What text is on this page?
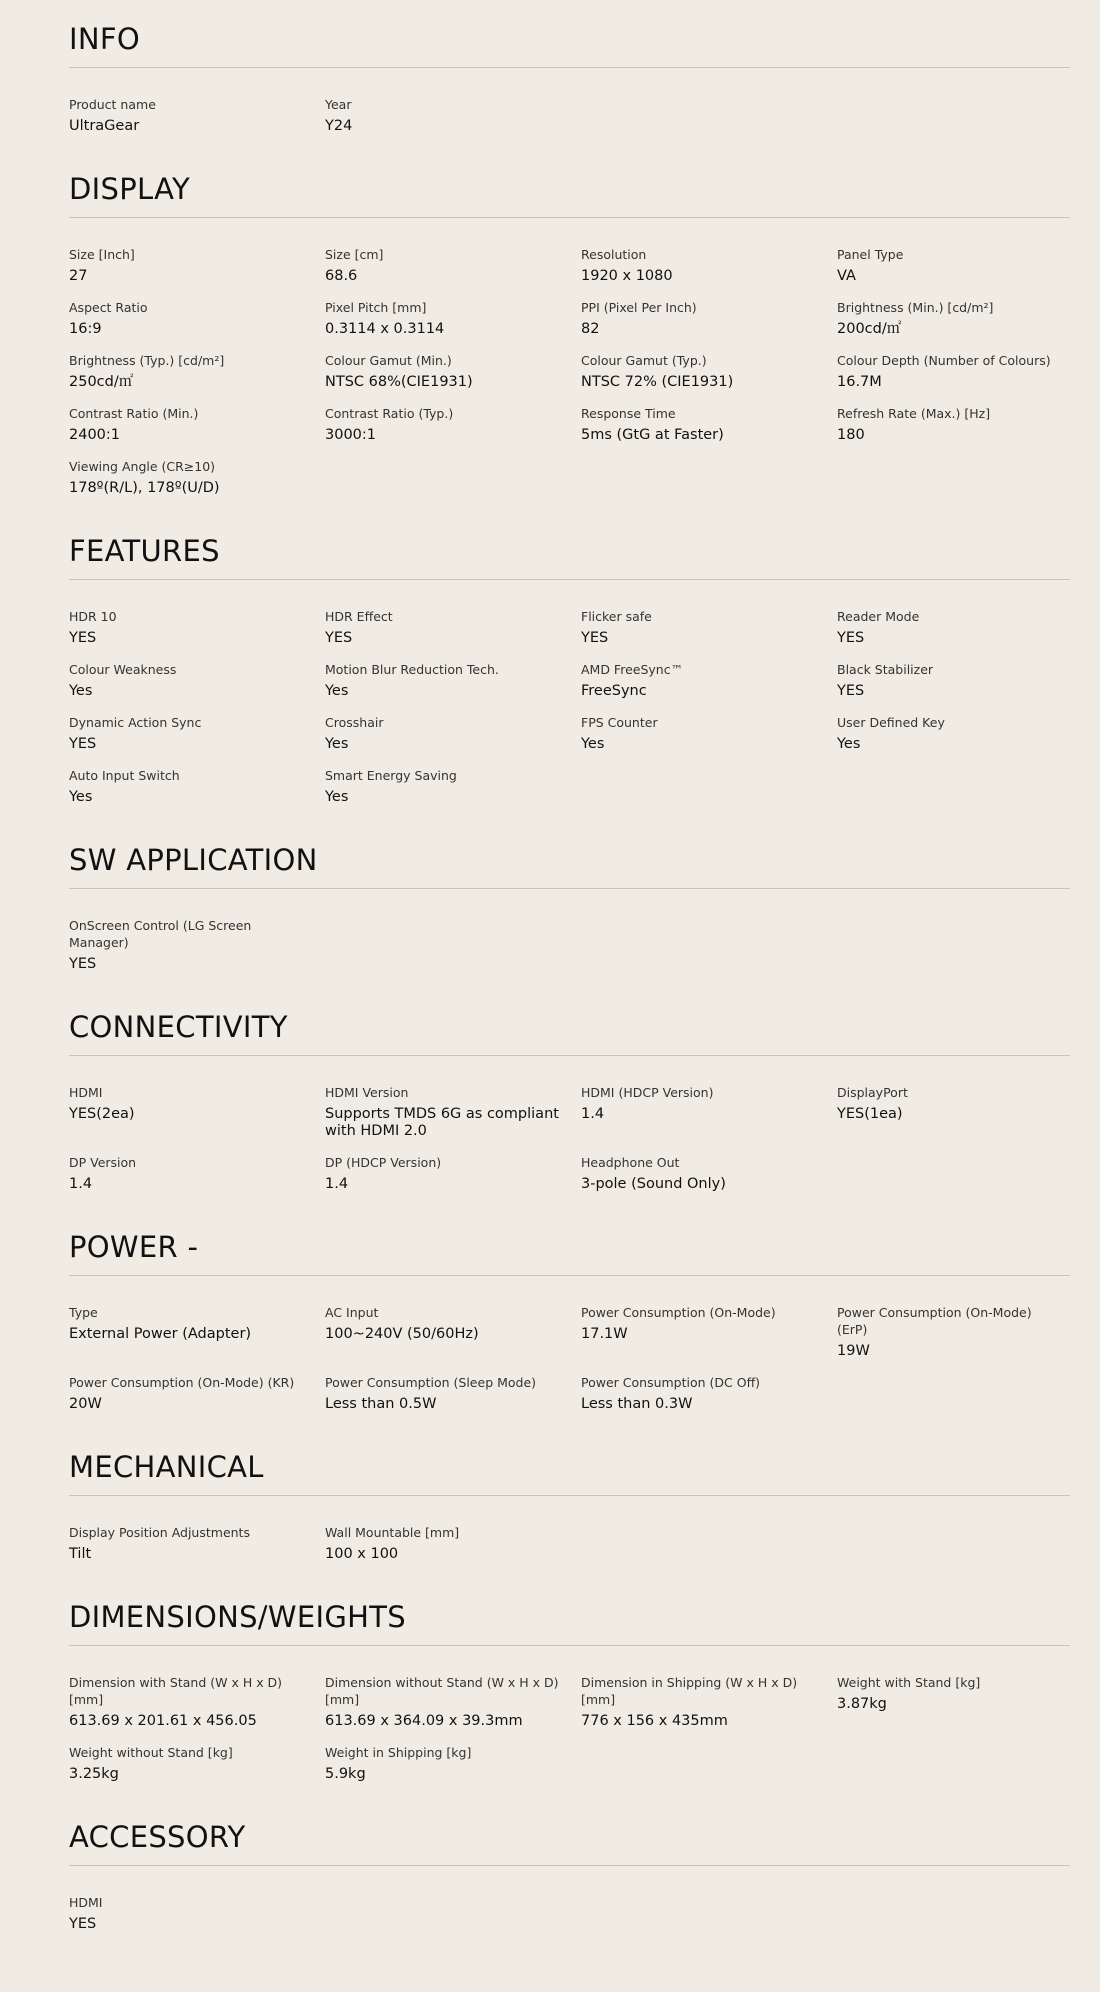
INFO
Product name
UltraGear
Year
Y24
DISPLAY
Size [Inch]
27
Size [cm]
68.6
Resolution
1920 x 1080
Panel Type
VA
Aspect Ratio
16:9
Pixel Pitch [mm]
0.3114 x 0.3114
PPI (Pixel Per Inch)
82
Brightness (Min.) [cd/m²]
200cd/㎡
Brightness (Typ.) [cd/m²]
250cd/㎡
Colour Gamut (Min.)
NTSC 68%(CIE1931)
Colour Gamut (Typ.)
NTSC 72% (CIE1931)
Colour Depth (Number of Colours)
16.7M
Contrast Ratio (Min.)
2400:1
Contrast Ratio (Typ.)
3000:1
Response Time
5ms (GtG at Faster)
Refresh Rate (Max.) [Hz]
180
Viewing Angle (CR≥10)
178º(R/L), 178º(U/D)
FEATURES
HDR 10
YES
HDR Effect
YES
Flicker safe
YES
Reader Mode
YES
Colour Weakness
Yes
Motion Blur Reduction Tech.
Yes
AMD FreeSync™
FreeSync
Black Stabilizer
YES
Dynamic Action Sync
YES
Crosshair
Yes
FPS Counter
Yes
User Defined Key
Yes
Auto Input Switch
Yes
Smart Energy Saving
Yes
SW APPLICATION
OnScreen Control (LG Screen Manager)
YES
CONNECTIVITY
HDMI
YES(2ea)
HDMI Version
Supports TMDS 6G as compliant with HDMI 2.0
HDMI (HDCP Version)
1.4
DisplayPort
YES(1ea)
DP Version
1.4
DP (HDCP Version)
1.4
Headphone Out
3-pole (Sound Only)
POWER -
Type
External Power (Adapter)
AC Input
100~240V (50/60Hz)
Power Consumption (On-Mode)
17.1W
Power Consumption (On-Mode) (ErP)
19W
Power Consumption (On-Mode) (KR)
20W
Power Consumption (Sleep Mode)
Less than 0.5W
Power Consumption (DC Off)
Less than 0.3W
MECHANICAL
Display Position Adjustments
Tilt
Wall Mountable [mm]
100 x 100
DIMENSIONS/WEIGHTS
Dimension with Stand (W x H x D) [mm]
613.69 x 201.61 x 456.05
Dimension without Stand (W x H x D) [mm]
613.69 x 364.09 x 39.3mm
Dimension in Shipping (W x H x D) [mm]
776 x 156 x 435mm
Weight with Stand [kg]
3.87kg
Weight without Stand [kg]
3.25kg
Weight in Shipping [kg]
5.9kg
ACCESSORY
HDMI
YES
